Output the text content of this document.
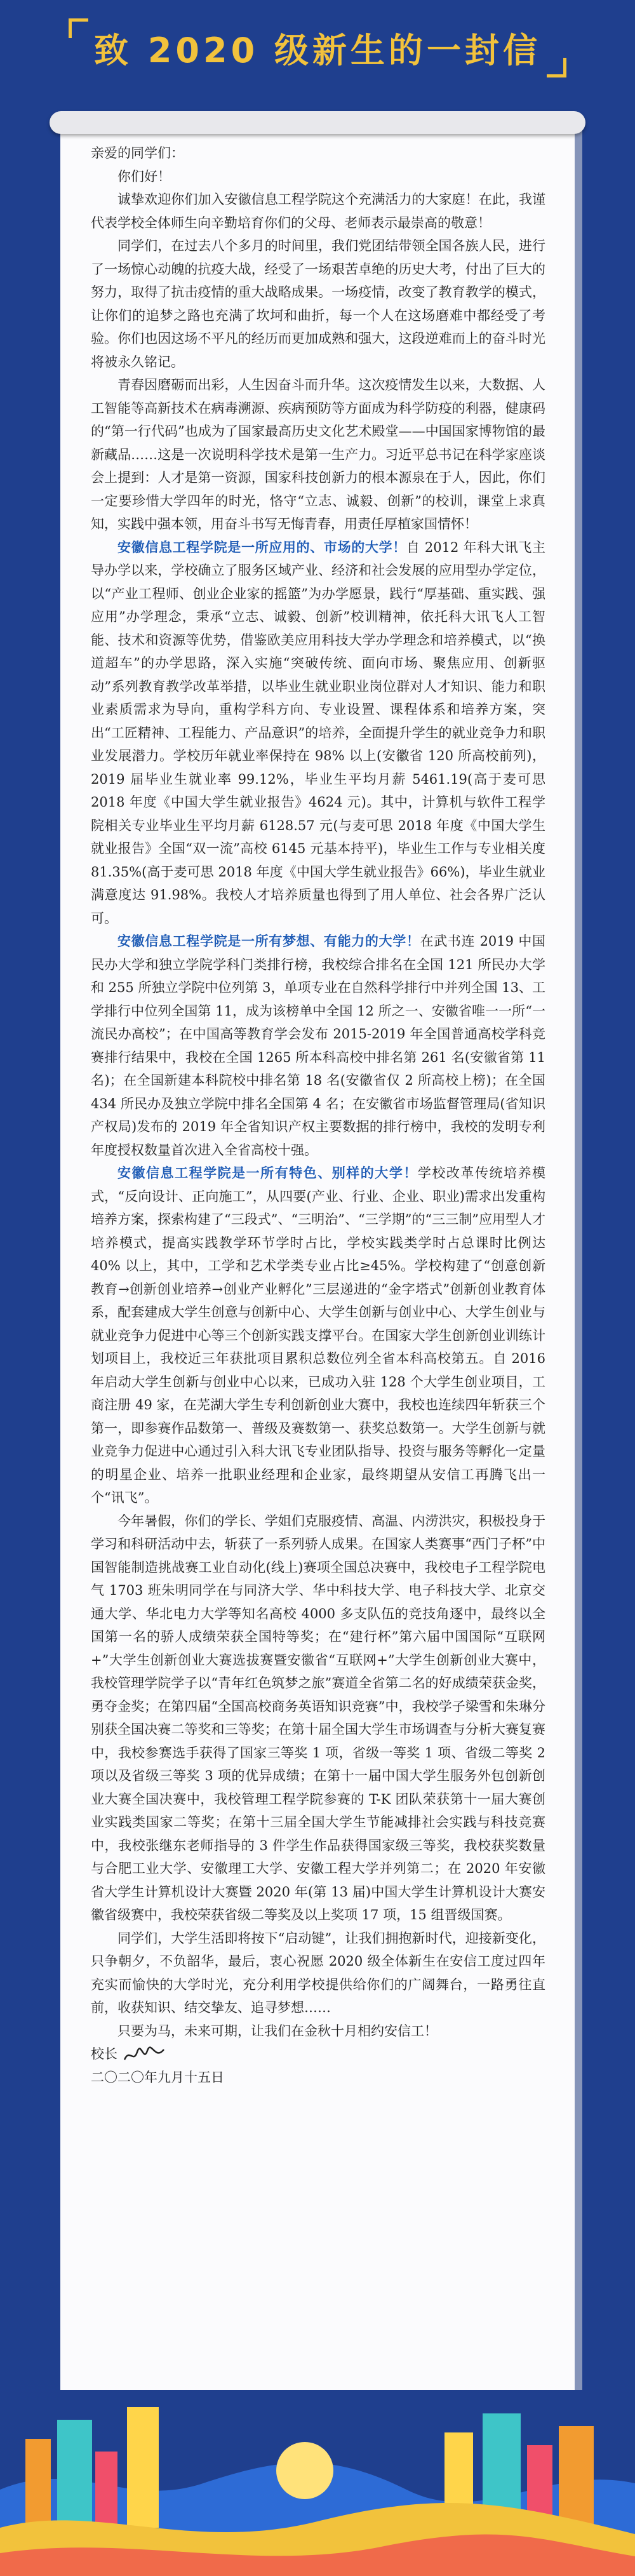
致 2020 级新生的一封信

亲爱的同学们：

你们好！

诚挚欢迎你们加入安徽信息工程学院这个充满活力的大家庭！在此，我谨代表学校全体师生向辛勤培育你们的父母、老师表示最崇高的敬意！

同学们，在过去八个多月的时间里，我们党团结带领全国各族人民，进行了一场惊心动魄的抗疫大战，经受了一场艰苦卓绝的历史大考，付出了巨大的努力，取得了抗击疫情的重大战略成果。一场疫情，改变了教育教学的模式，让你们的追梦之路也充满了坎坷和曲折，每一个人在这场磨难中都经受了考验。你们也因这场不平凡的经历而更加成熟和强大，这段逆难而上的奋斗时光将被永久铭记。

青春因磨砺而出彩，人生因奋斗而升华。这次疫情发生以来，大数据、人工智能等高新技术在病毒溯源、疾病预防等方面成为科学防疫的利器，健康码的“第一行代码”也成为了国家最高历史文化艺术殿堂——中国国家博物馆的最新藏品……这是一次说明科学技术是第一生产力。习近平总书记在科学家座谈会上提到：人才是第一资源，国家科技创新力的根本源泉在于人，因此，你们一定要珍惜大学四年的时光，恪守“立志、诚毅、创新”的校训，课堂上求真知，实践中强本领，用奋斗书写无悔青春，用责任厚植家国情怀！

安徽信息工程学院是一所应用的、市场的大学！自 2012 年科大讯飞主导办学以来，学校确立了服务区域产业、经济和社会发展的应用型办学定位，以“产业工程师、创业企业家的摇篮”为办学愿景，践行“厚基础、重实践、强应用”办学理念，秉承“立志、诚毅、创新”校训精神，依托科大讯飞人工智能、技术和资源等优势，借鉴欧美应用科技大学办学理念和培养模式，以“换道超车”的办学思路，深入实施“突破传统、面向市场、聚焦应用、创新驱动”系列教育教学改革举措，以毕业生就业职业岗位群对人才知识、能力和职业素质需求为导向，重构学科方向、专业设置、课程体系和培养方案，突出“工匠精神、工程能力、产品意识”的培养，全面提升学生的就业竞争力和职业发展潜力。学校历年就业率保持在 98% 以上(安徽省 120 所高校前列)，2019 届毕业生就业率 99.12%，毕业生平均月薪 5461.19(高于麦可思 2018 年度《中国大学生就业报告》4624 元)。其中，计算机与软件工程学院相关专业毕业生平均月薪 6128.57 元(与麦可思 2018 年度《中国大学生就业报告》全国“双一流”高校 6145 元基本持平)，毕业生工作与专业相关度 81.35%(高于麦可思 2018 年度《中国大学生就业报告》66%)，毕业生就业满意度达 91.98%。我校人才培养质量也得到了用人单位、社会各界广泛认可。

安徽信息工程学院是一所有梦想、有能力的大学！在武书连 2019 中国民办大学和独立学院学科门类排行榜，我校综合排名在全国 121 所民办大学和 255 所独立学院中位列第 3，单项专业在自然科学排行中并列全国 13、工学排行中位列全国第 11，成为该榜单中全国 12 所之一、安徽省唯一一所“一流民办高校”；在中国高等教育学会发布 2015-2019 年全国普通高校学科竞赛排行结果中，我校在全国 1265 所本科高校中排名第 261 名(安徽省第 11 名)；在全国新建本科院校中排名第 18 名(安徽省仅 2 所高校上榜)；在全国 434 所民办及独立学院中排名全国第 4 名；在安徽省市场监督管理局(省知识产权局)发布的 2019 年全省知识产权主要数据的排行榜中，我校的发明专利年度授权数量首次进入全省高校十强。

安徽信息工程学院是一所有特色、别样的大学！学校改革传统培养模式，“反向设计、正向施工”，从四要(产业、行业、企业、职业)需求出发重构培养方案，探索构建了“三段式”、“三明治”、“三学期”的“三三制”应用型人才培养模式，提高实践教学环节学时占比，学校实践类学时占总课时比例达 40% 以上，其中，工学和艺术学类专业占比≥45%。学校构建了“创意创新教育→创新创业培养→创业产业孵化”三层递进的“金字塔式”创新创业教育体系，配套建成大学生创意与创新中心、大学生创新与创业中心、大学生创业与就业竞争力促进中心等三个创新实践支撑平台。在国家大学生创新创业训练计划项目上，我校近三年获批项目累积总数位列全省本科高校第五。自 2016 年启动大学生创新与创业中心以来，已成功入驻 128 个大学生创业项目，工商注册 49 家，在芜湖大学生专利创新创业大赛中，我校也连续四年斩获三个第一，即参赛作品数第一、普级及赛数第一、获奖总数第一。大学生创新与就业竞争力促进中心通过引入科大讯飞专业团队指导、投资与服务等孵化一定量的明星企业、培养一批职业经理和企业家，最终期望从安信工再腾飞出一个“讯飞”。

今年暑假，你们的学长、学姐们克服疫情、高温、内涝洪灾，积极投身于学习和科研活动中去，斩获了一系列骄人成果。在国家人类赛事“西门子杯”中国智能制造挑战赛工业自动化(线上)赛项全国总决赛中，我校电子工程学院电气 1703 班朱明同学在与同济大学、华中科技大学、电子科技大学、北京交通大学、华北电力大学等知名高校 4000 多支队伍的竞技角逐中，最终以全国第一名的骄人成绩荣获全国特等奖；在“建行杯”第六届中国国际“互联网+”大学生创新创业大赛选拔赛暨安徽省“互联网+”大学生创新创业大赛中，我校管理学院学子以“青年红色筑梦之旅”赛道全省第二名的好成绩荣获金奖，勇夺金奖；在第四届“全国高校商务英语知识竞赛”中，我校学子梁雪和朱琳分别获全国决赛二等奖和三等奖；在第十届全国大学生市场调查与分析大赛复赛中，我校参赛选手获得了国家三等奖 1 项，省级一等奖 1 项、省级二等奖 2 项以及省级三等奖 3 项的优异成绩；在第十一届中国大学生服务外包创新创业大赛全国决赛中，我校管理工程学院参赛的 T-K 团队荣获第十一届大赛创业实践类国家二等奖；在第十三届全国大学生节能减排社会实践与科技竞赛中，我校张继东老师指导的 3 件学生作品获得国家级三等奖，我校获奖数量与合肥工业大学、安徽理工大学、安徽工程大学并列第二；在 2020 年安徽省大学生计算机设计大赛暨 2020 年(第 13 届)中国大学生计算机设计大赛安徽省级赛中，我校荣获省级二等奖及以上奖项 17 项，15 组晋级国赛。

同学们，大学生活即将按下“启动键”，让我们拥抱新时代，迎接新变化，只争朝夕，不负韶华，最后，衷心祝愿 2020 级全体新生在安信工度过四年充实而愉快的大学时光，充分利用学校提供给你们的广阔舞台，一路勇往直前，收获知识、结交挚友、追寻梦想……

只要为马，未来可期，让我们在金秋十月相约安信工！

校长

二〇二〇年九月十五日
